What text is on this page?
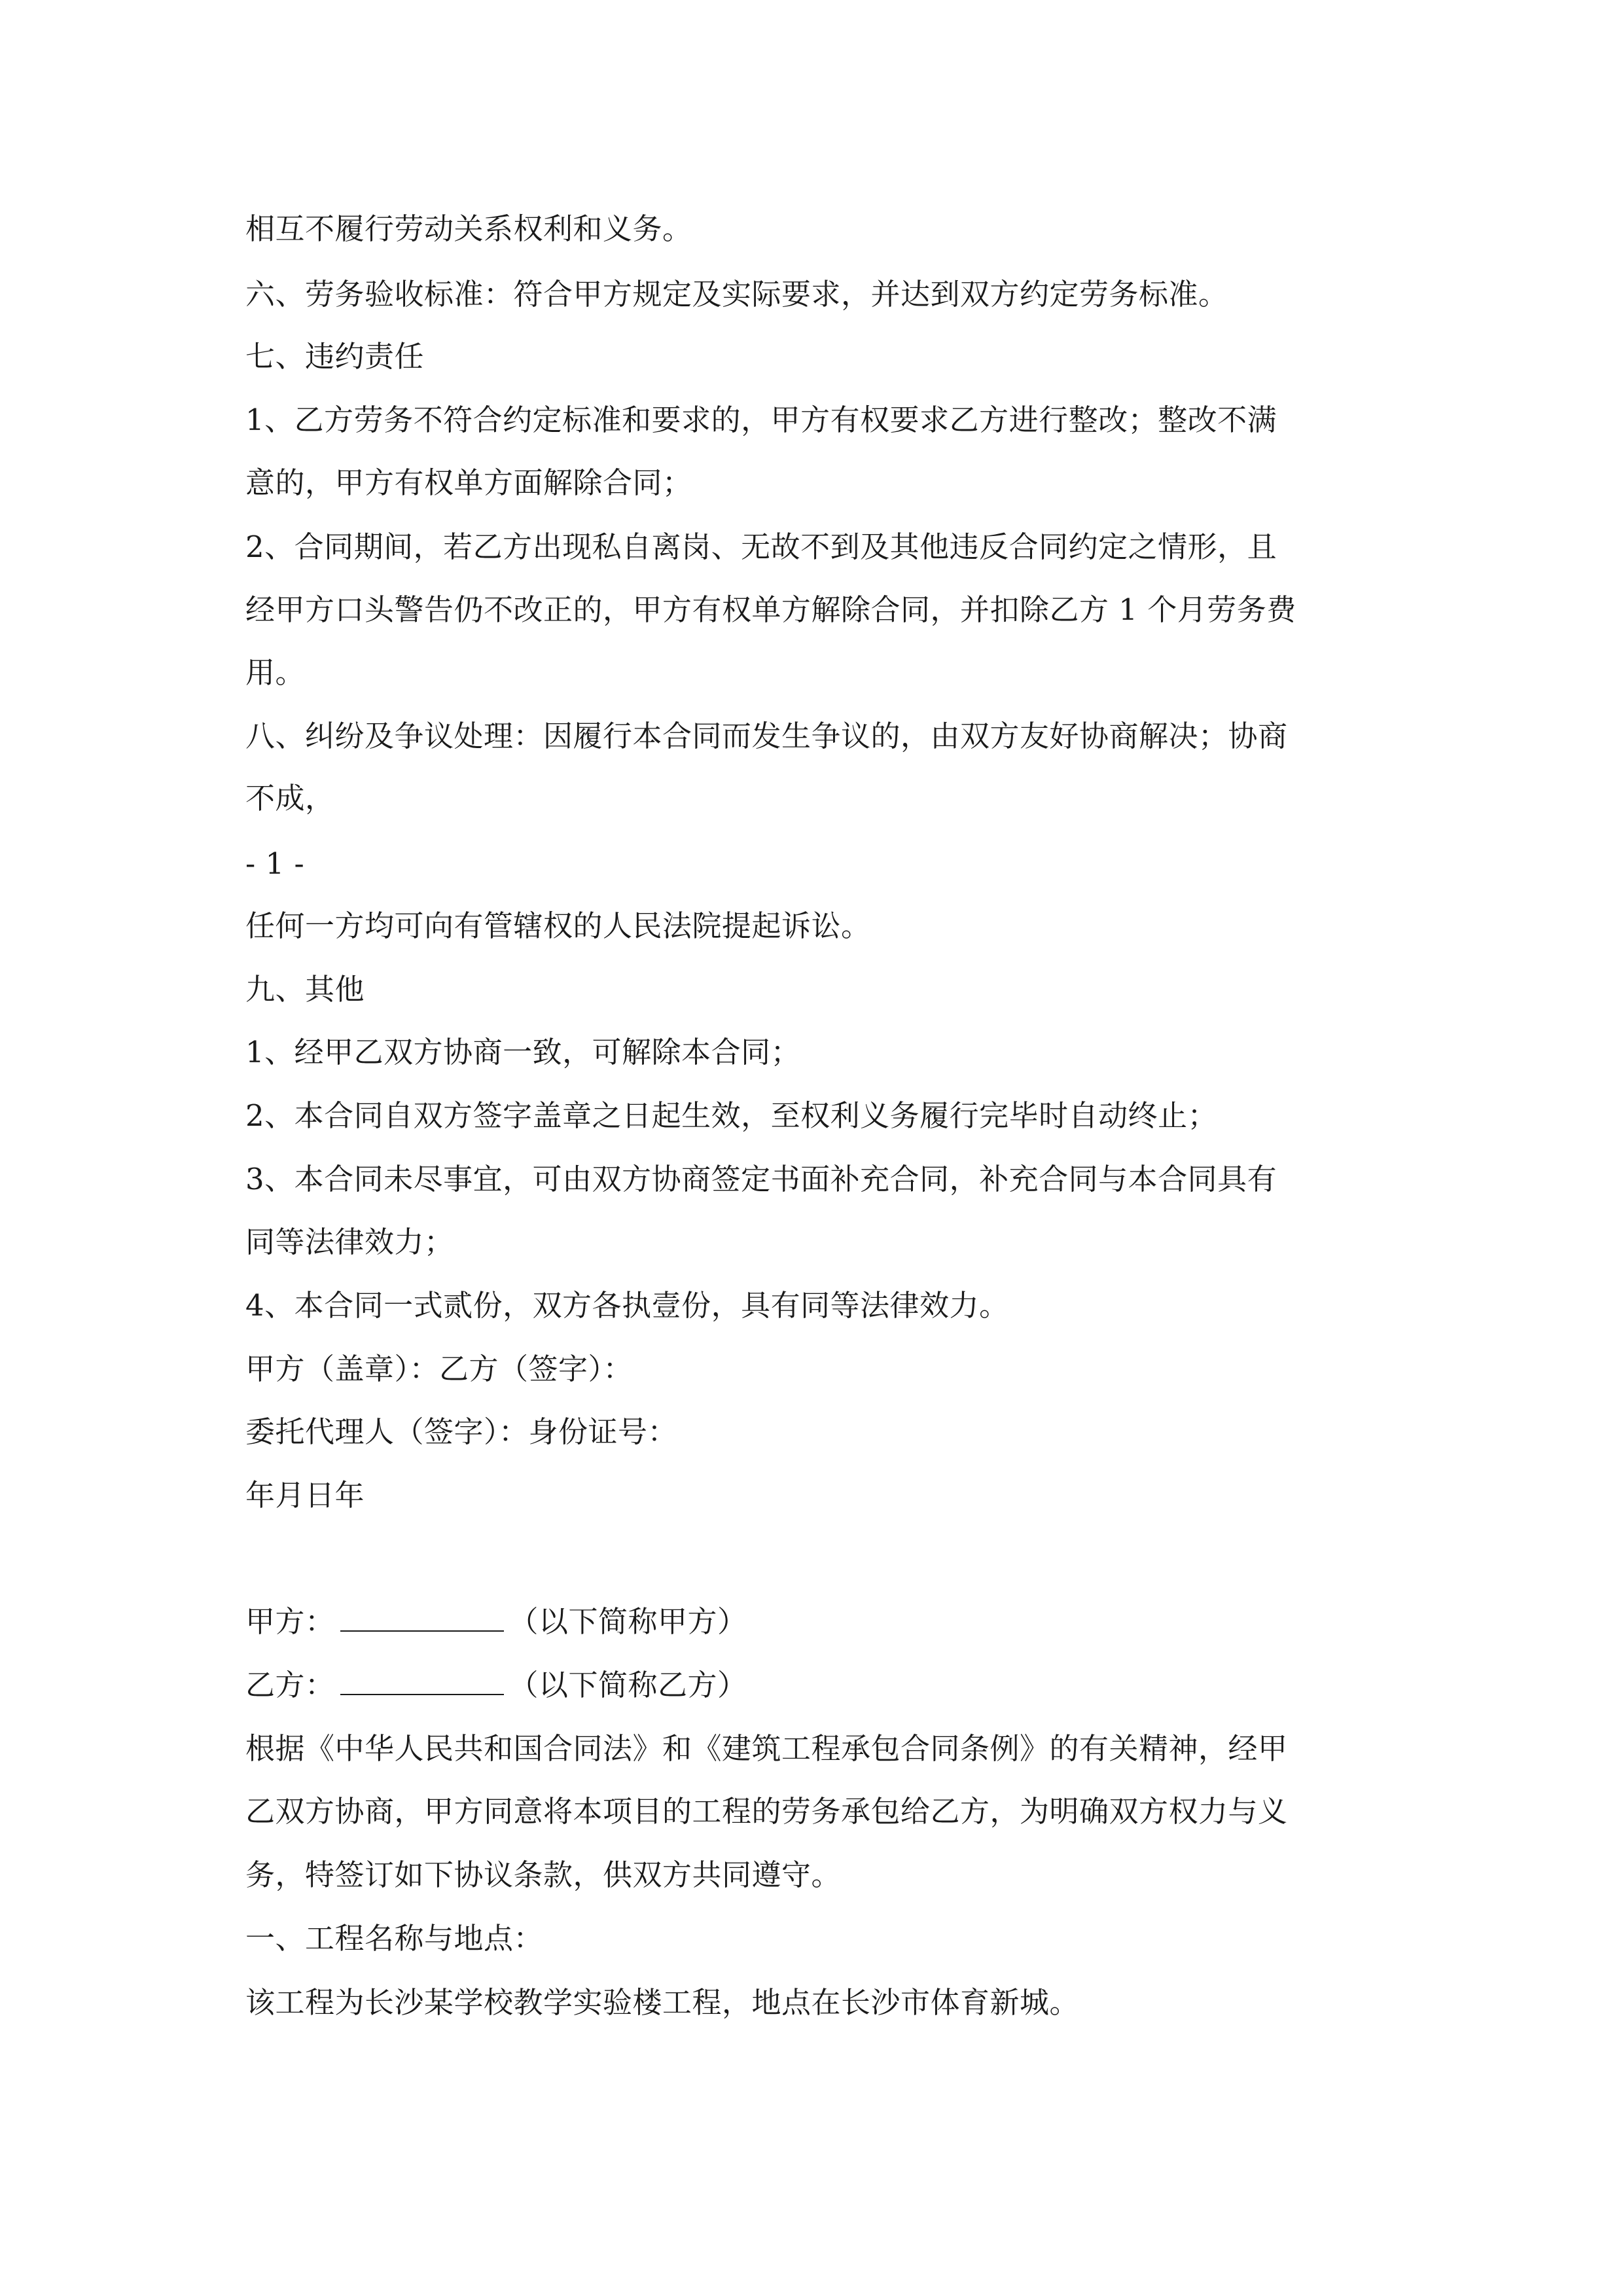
相互不履行劳动关系权利和义务。
六、劳务验收标准：符合甲方规定及实际要求，并达到双方约定劳务标准。
七、违约责任
1、乙方劳务不符合约定标准和要求的，甲方有权要求乙方进行整改；整改不满
意的，甲方有权单方面解除合同；
2、合同期间，若乙方出现私自离岗、无故不到及其他违反合同约定之情形，且
经甲方口头警告仍不改正的，甲方有权单方解除合同，并扣除乙方 1 个月劳务费
用。
八、纠纷及争议处理：因履行本合同而发生争议的，由双方友好协商解决；协商
不成，
- 1 -
任何一方均可向有管辖权的人民法院提起诉讼。
九、其他
1、经甲乙双方协商一致，可解除本合同；
2、本合同自双方签字盖章之日起生效，至权利义务履行完毕时自动终止；
3、本合同未尽事宜，可由双方协商签定书面补充合同，补充合同与本合同具有
同等法律效力；
4、本合同一式贰份，双方各执壹份，具有同等法律效力。
甲方（盖章）：乙方（签字）：
委托代理人（签字）：身份证号：
年月日年
甲方：	（以下简称甲方）
乙方：	（以下简称乙方）
根据《中华人民共和国合同法》和《建筑工程承包合同条例》的有关精神，经甲
乙双方协商，甲方同意将本项目的工程的劳务承包给乙方，为明确双方权力与义
务，特签订如下协议条款，供双方共同遵守。
一、工程名称与地点：
该工程为长沙某学校教学实验楼工程，地点在长沙市体育新城。
